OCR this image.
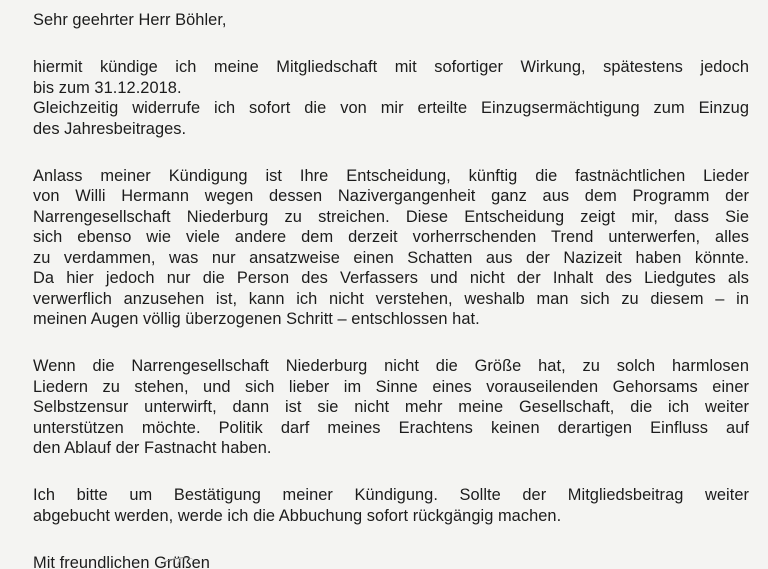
Sehr geehrter Herr Böhler,
hiermit kündige ich meine Mitgliedschaft mit sofortiger Wirkung, spätestens jedoch
bis zum 31.12.2018.
Gleichzeitig widerrufe ich sofort die von mir erteilte Einzugsermächtigung zum Einzug
des Jahresbeitrages.
Anlass meiner Kündigung ist Ihre Entscheidung, künftig die fastnächtlichen Lieder
von Willi Hermann wegen dessen Nazivergangenheit ganz aus dem Programm der
Narrengesellschaft Niederburg zu streichen. Diese Entscheidung zeigt mir, dass Sie
sich ebenso wie viele andere dem derzeit vorherrschenden Trend unterwerfen, alles
zu verdammen, was nur ansatzweise einen Schatten aus der Nazizeit haben könnte.
Da hier jedoch nur die Person des Verfassers und nicht der Inhalt des Liedgutes als
verwerflich anzusehen ist, kann ich nicht verstehen, weshalb man sich zu diesem – in
meinen Augen völlig überzogenen Schritt – entschlossen hat.
Wenn die Narrengesellschaft Niederburg nicht die Größe hat, zu solch harmlosen
Liedern zu stehen, und sich lieber im Sinne eines vorauseilenden Gehorsams einer
Selbstzensur unterwirft, dann ist sie nicht mehr meine Gesellschaft, die ich weiter
unterstützen möchte. Politik darf meines Erachtens keinen derartigen Einfluss auf
den Ablauf der Fastnacht haben.
Ich bitte um Bestätigung meiner Kündigung. Sollte der Mitgliedsbeitrag weiter
abgebucht werden, werde ich die Abbuchung sofort rückgängig machen.
Mit freundlichen Grüßen
